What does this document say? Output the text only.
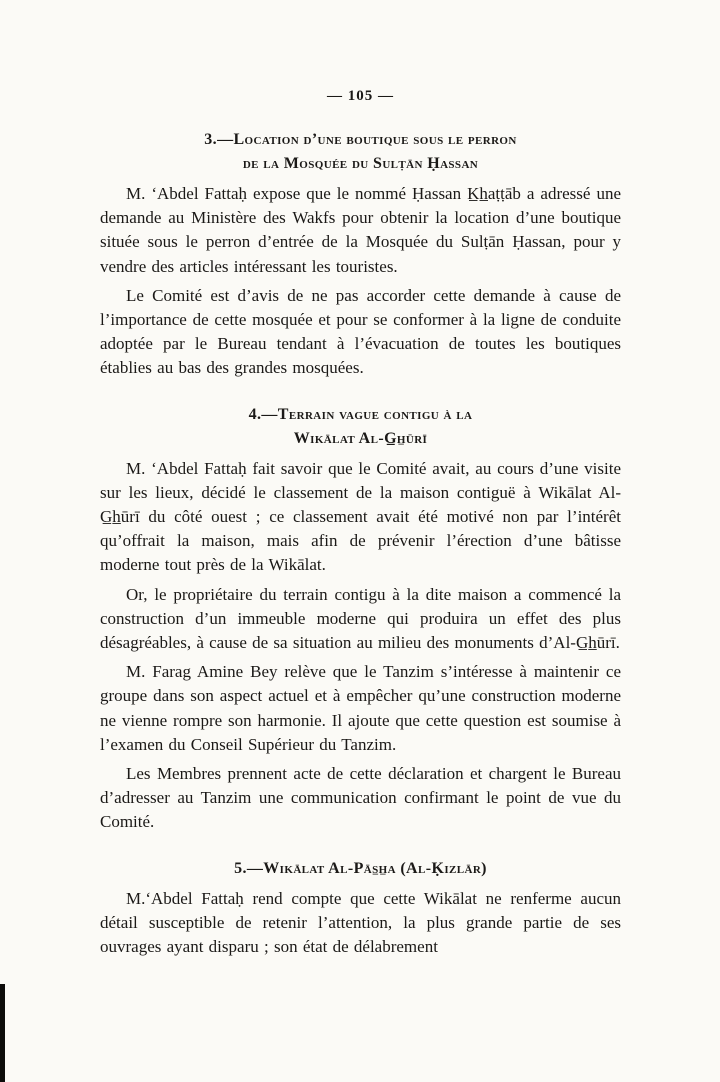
— 105 —
3.—Location d’une boutique sous le perron
de la Mosquée du Sulṭān Ḥassan

M. ‘Abdel Fattaḥ expose que le nommé Ḥassan K̲h̲aṭṭāb a adressé une demande au Ministère des Wakfs pour obtenir la location d’une boutique située sous le perron d’entrée de la Mosquée du Sulṭān Ḥassan, pour y vendre des articles intéressant les touristes.

Le Comité est d’avis de ne pas accorder cette demande à cause de l’importance de cette mosquée et pour se conformer à la ligne de conduite adoptée par le Bureau tendant à l’évacuation de toutes les boutiques établies au bas des grandes mosquées.

4.—Terrain vague contigu à la
Wikālat Al-G̲h̲ūrī

M. ‘Abdel Fattaḥ fait savoir que le Comité avait, au cours d’une visite sur les lieux, décidé le classement de la maison contiguë à Wikālat Al-G̲h̲ūrī du côté ouest ; ce classement avait été motivé non par l’intérêt qu’offrait la maison, mais afin de prévenir l’érection d’une bâtisse moderne tout près de la Wikālat.

Or, le propriétaire du terrain contigu à la dite maison a commencé la construction d’un immeuble moderne qui produira un effet des plus désagréables, à cause de sa situation au milieu des monuments d’Al-G̲h̲ūrī.

M. Farag Amine Bey relève que le Tanzim s’intéresse à maintenir ce groupe dans son aspect actuel et à empêcher qu’une construction moderne ne vienne rompre son harmonie. Il ajoute que cette question est soumise à l’examen du Conseil Supérieur du Tanzim.

Les Membres prennent acte de cette déclaration et chargent le Bureau d’adresser au Tanzim une communication confirmant le point de vue du Comité.

5.—Wikālat Al-Pās̲h̲a (Al-Ḳizlār)

M.‘Abdel Fattaḥ rend compte que cette Wikālat ne renferme aucun détail susceptible de retenir l’attention, la plus grande partie de ses ouvrages ayant disparu ; son état de délabrement
